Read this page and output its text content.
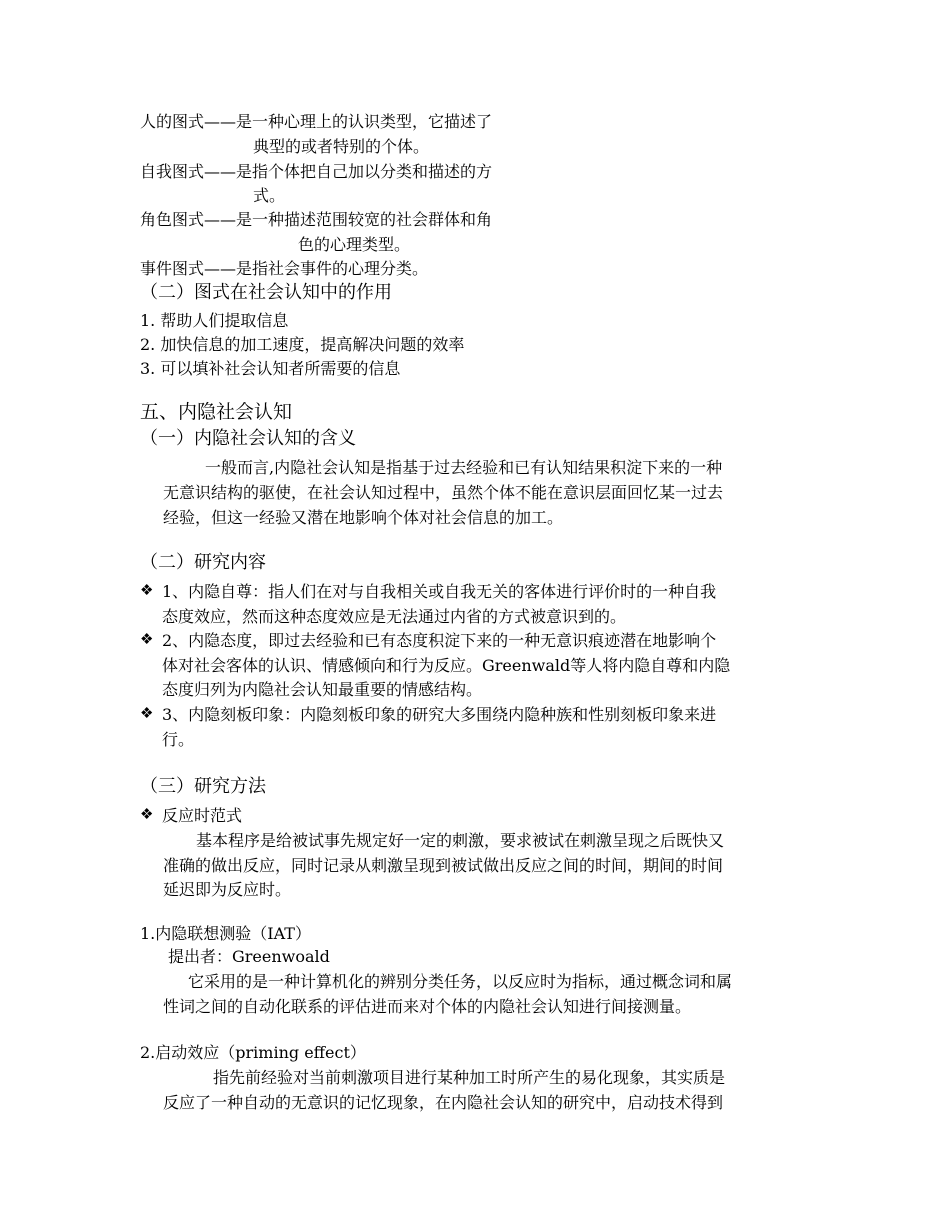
人的图式——是一种心理上的认识类型，它描述了
典型的或者特别的个体。
自我图式——是指个体把自己加以分类和描述的方
式。
角色图式——是一种描述范围较宽的社会群体和角
色的心理类型。
事件图式——是指社会事件的心理分类。
（二）图式在社会认知中的作用
1. 帮助人们提取信息
2. 加快信息的加工速度，提高解决问题的效率
3. 可以填补社会认知者所需要的信息
五、内隐社会认知
（一）内隐社会认知的含义
一般而言,内隐社会认知是指基于过去经验和已有认知结果积淀下来的一种
无意识结构的驱使，在社会认知过程中，虽然个体不能在意识层面回忆某一过去
经验，但这一经验又潜在地影响个体对社会信息的加工。
（二）研究内容
❖ 1、内隐自尊：指人们在对与自我相关或自我无关的客体进行评价时的一种自我
态度效应，然而这种态度效应是无法通过内省的方式被意识到的。
❖ 2、内隐态度，即过去经验和已有态度积淀下来的一种无意识痕迹潜在地影响个
体对社会客体的认识、情感倾向和行为反应。Greenwald等人将内隐自尊和内隐
态度归列为内隐社会认知最重要的情感结构。
❖ 3、内隐刻板印象：内隐刻板印象的研究大多围绕内隐种族和性别刻板印象来进
行。
（三）研究方法
❖ 反应时范式
基本程序是给被试事先规定好一定的刺激，要求被试在刺激呈现之后既快又
准确的做出反应，同时记录从刺激呈现到被试做出反应之间的时间，期间的时间
延迟即为反应时。
1.内隐联想测验（IAT）
提出者：Greenwoald
它采用的是一种计算机化的辨别分类任务，以反应时为指标，通过概念词和属
性词之间的自动化联系的评估进而来对个体的内隐社会认知进行间接测量。
2.启动效应（priming effect）
指先前经验对当前刺激项目进行某种加工时所产生的易化现象，其实质是
反应了一种自动的无意识的记忆现象，在内隐社会认知的研究中，启动技术得到
